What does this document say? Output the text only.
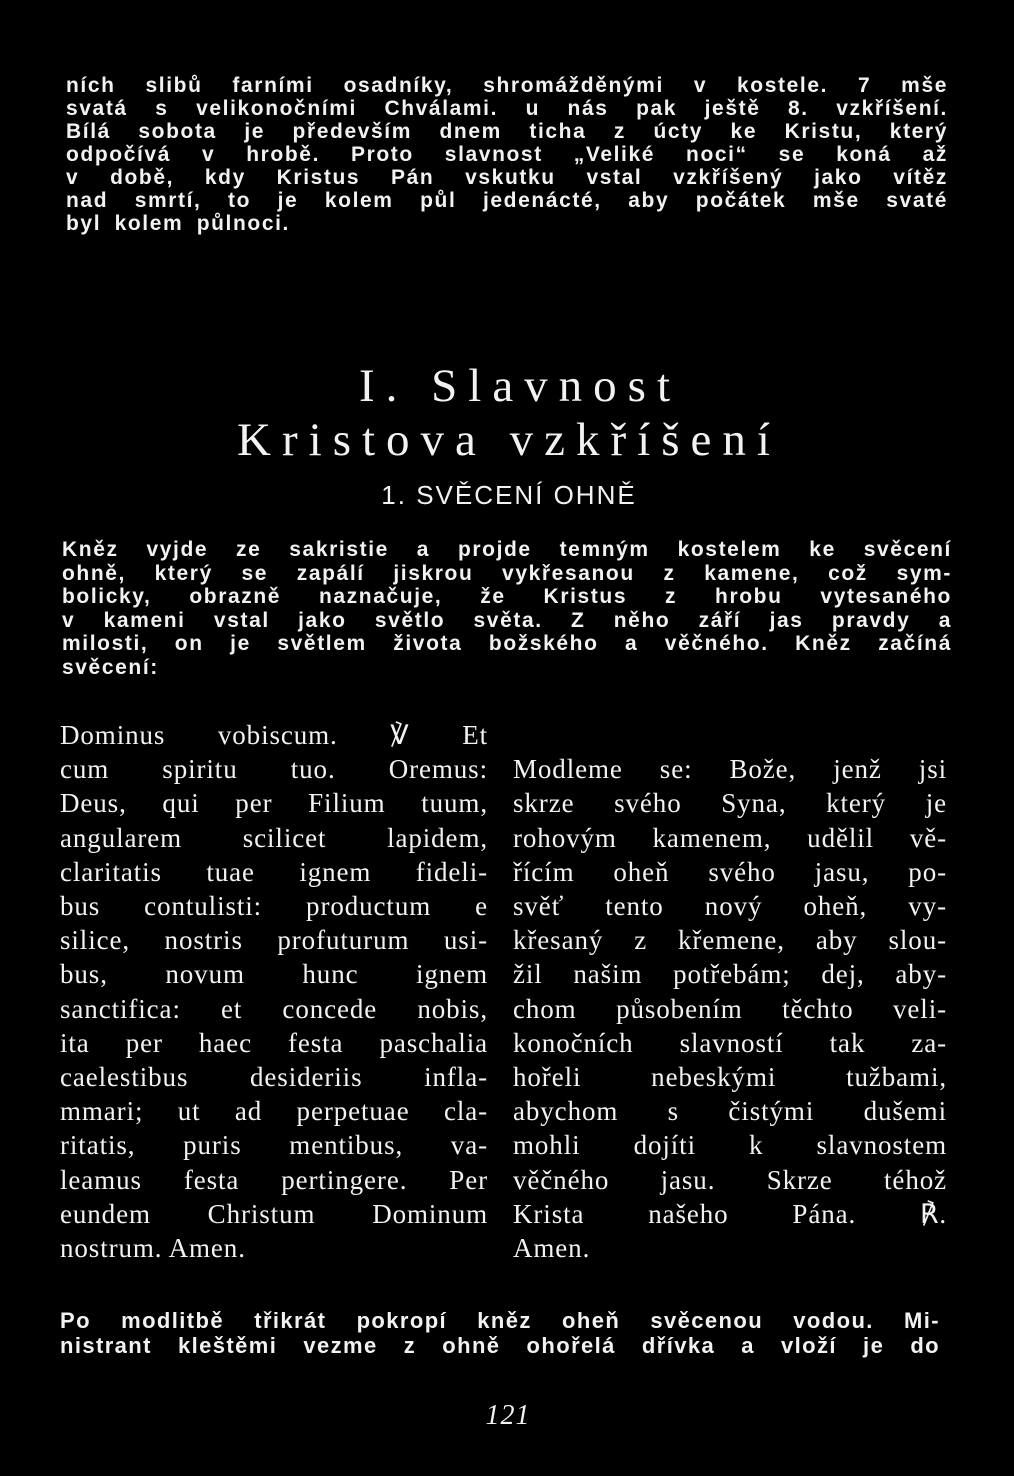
ních slibů farními osadníky, shromážděnými v kostele. 7 mše
svatá s velikonočními Chválami. u nás pak ještě 8. vzkříšení.
Bílá sobota je především dnem ticha z úcty ke Kristu, který
odpočívá v hrobě. Proto slavnost „Veliké noci“ se koná až
v době, kdy Kristus Pán vskutku vstal vzkříšený jako vítěz
nad smrtí, to je kolem půl jedenácté, aby počátek mše svaté
byl kolem půlnoci.
I. Slavnost
Kristova vzkříšení
1. SVĚCENÍ OHNĚ
Kněz vyjde ze sakristie a projde temným kostelem ke svěcení
ohně, který se zapálí jiskrou vykřesanou z kamene, což sym-
bolicky, obrazně naznačuje, že Kristus z hrobu vytesaného
v kameni vstal jako světlo světa. Z něho září jas pravdy a
milosti, on je světlem života božského a věčného. Kněz začíná
svěcení:
Dominus vobiscum. ℣ Et
cum spiritu tuo. Oremus:
Deus, qui per Filium tuum,
angularem scilicet lapidem,
claritatis tuae ignem fideli-
bus contulisti: productum e
silice, nostris profuturum usi-
bus, novum hunc ignem
sanctifica: et concede nobis,
ita per haec festa paschalia
caelestibus desideriis infla-
mmari; ut ad perpetuae cla-
ritatis, puris mentibus, va-
leamus festa pertingere. Per
eundem Christum Dominum
nostrum. Amen.

Modleme se: Bože, jenž jsi
skrze svého Syna, který je
rohovým kamenem, udělil vě-
řícím oheň svého jasu, po-
svěť tento nový oheň, vy-
křesaný z křemene, aby slou-
žil našim potřebám; dej, aby-
chom působením těchto veli-
konočních slavností tak za-
hořeli nebeskými tužbami,
abychom s čistými dušemi
mohli dojíti k slavnostem
věčného jasu. Skrze téhož
Krista našeho Pána. ℟.
Amen.
Po modlitbě třikrát pokropí kněz oheň svěcenou vodou. Mi-
nistrant kleštěmi vezme z ohně ohořelá dřívka a vloží je do
121
